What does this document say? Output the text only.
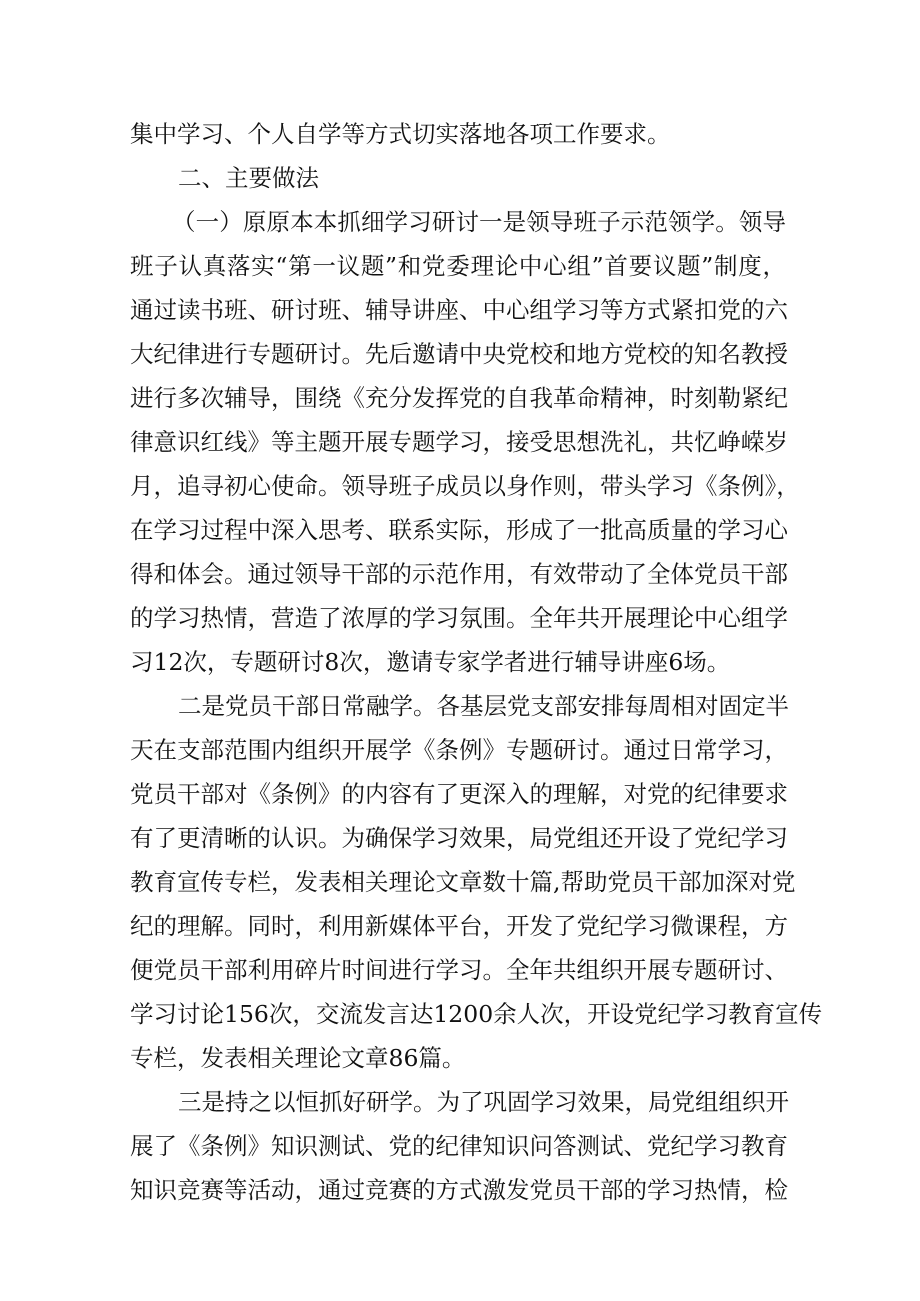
集中学习、个人自学等方式切实落地各项工作要求。
二、主要做法
（一）原原本本抓细学习研讨一是领导班子示范领学。领导
班子认真落实“第一议题”和党委理论中心组”首要议题”制度，
通过读书班、研讨班、辅导讲座、中心组学习等方式紧扣党的六
大纪律进行专题研讨。先后邀请中央党校和地方党校的知名教授
进行多次辅导，围绕《充分发挥党的自我革命精神，时刻勒紧纪
律意识红线》等主题开展专题学习，接受思想洗礼，共忆峥嵘岁
月，追寻初心使命。领导班子成员以身作则，带头学习《条例》，
在学习过程中深入思考、联系实际，形成了一批高质量的学习心
得和体会。通过领导干部的示范作用，有效带动了全体党员干部
的学习热情，营造了浓厚的学习氛围。全年共开展理论中心组学
习12次，专题研讨8次，邀请专家学者进行辅导讲座6场。
二是党员干部日常融学。各基层党支部安排每周相对固定半
天在支部范围内组织开展学《条例》专题研讨。通过日常学习，
党员干部对《条例》的内容有了更深入的理解，对党的纪律要求
有了更清晰的认识。为确保学习效果，局党组还开设了党纪学习
教育宣传专栏，发表相关理论文章数十篇,帮助党员干部加深对党
纪的理解。同时，利用新媒体平台，开发了党纪学习微课程，方
便党员干部利用碎片时间进行学习。全年共组织开展专题研讨、
学习讨论156次，交流发言达1200余人次，开设党纪学习教育宣传
专栏，发表相关理论文章86篇。
三是持之以恒抓好研学。为了巩固学习效果，局党组组织开
展了《条例》知识测试、党的纪律知识问答测试、党纪学习教育
知识竞赛等活动，通过竞赛的方式激发党员干部的学习热情，检
